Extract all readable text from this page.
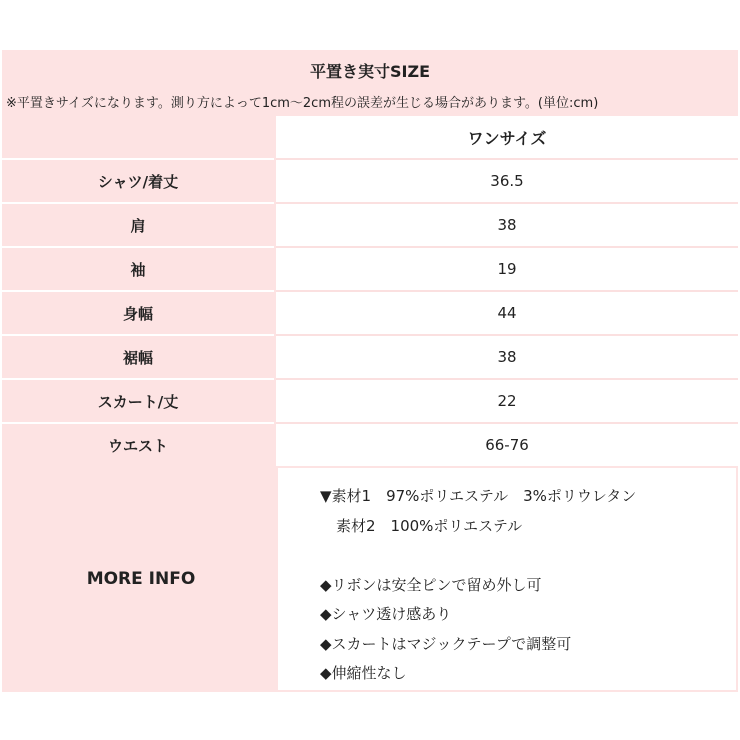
平置き実寸SIZE
※平置きサイズになります。測り方によって1cm〜2cm程の誤差が生じる場合があります。(単位:cm)
	ワンサイズ
シャツ/着丈	36.5
肩	38
袖	19
身幅	44
裾幅	38
スカート/丈	22
ウエスト	66-76
MORE INFO
▼素材1　97%ポリエステル　3%ポリウレタン
素材2　100%ポリエステル
◆リボンは安全ピンで留め外し可
◆シャツ透け感あり
◆スカートはマジックテープで調整可
◆伸縮性なし
